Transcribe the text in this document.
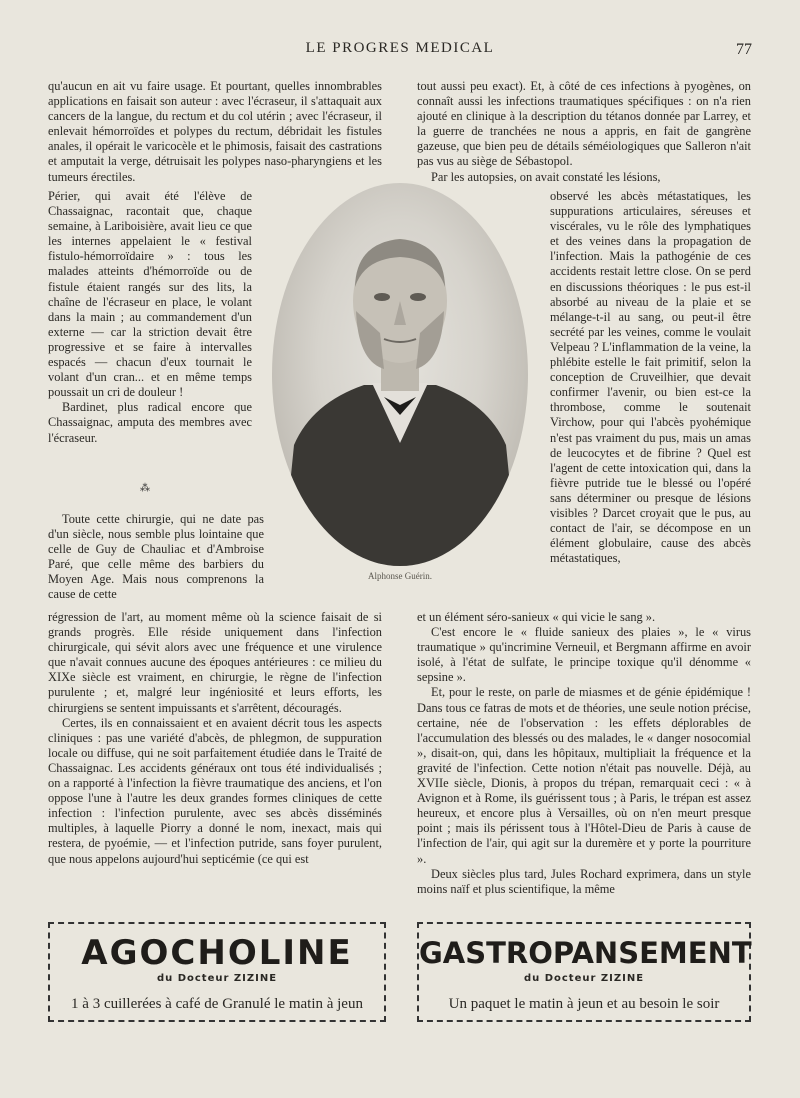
LE PROGRES MEDICAL	77

qu'aucun en ait vu faire usage. Et pourtant, quelles innombrables applications en faisait son auteur : avec l'écraseur, il s'attaquait aux cancers de la langue, du rectum et du col utérin ; avec l'écraseur, il enlevait hémorroïdes et polypes du rectum, débridait les fistules anales, il opérait le varicocèle et le phimosis, faisait des castrations et amputait la verge, détruisait les polypes naso-pharyngiens et les tumeurs érectiles.

Périer, qui avait été l'élève de Chassaignac, racontait que, chaque semaine, à Lariboisière, avait lieu ce que les internes appelaient le « festival fistulo-hémorroïdaire » : tous les malades atteints d'hémorroïde ou de fistule étaient rangés sur des lits, la chaîne de l'écraseur en place, le volant dans la main ; au commandement d'un externe — car la striction devait être progressive et se faire à intervalles espacés — chacun d'eux tournait le volant d'un cran... et en même temps poussait un cri de douleur !

Bardinet, plus radical encore que Chassaignac, amputa des membres avec l'écraseur.

⁂

Toute cette chirurgie, qui ne date pas d'un siècle, nous semble plus lointaine que celle de Guy de Chauliac et d'Ambroise Paré, que celle même des barbiers du Moyen Age. Mais nous comprenons la cause de cette

régression de l'art, au moment même où la science faisait de si grands progrès. Elle réside uniquement dans l'infection chirurgicale, qui sévit alors avec une fréquence et une virulence que n'avait connues aucune des époques antérieures : ce milieu du XIXe siècle est vraiment, en chirurgie, le règne de l'infection purulente ; et, malgré leur ingéniosité et leurs efforts, les chirurgiens se sentent impuissants et s'arrêtent, découragés.

Certes, ils en connaissaient et en avaient décrit tous les aspects cliniques : pas une variété d'abcès, de phlegmon, de suppuration locale ou diffuse, qui ne soit parfaitement étudiée dans le Traité de Chassaignac. Les accidents généraux ont tous été individualisés ; on a rapporté à l'infection la fièvre traumatique des anciens, et l'on oppose l'une à l'autre les deux grandes formes cliniques de cette infection : l'infection purulente, avec ses abcès disséminés multiples, à laquelle Piorry a donné le nom, inexact, mais qui restera, de pyoémie, — et l'infection putride, sans foyer purulent, que nous appelons aujourd'hui septicémie (ce qui est

tout aussi peu exact). Et, à côté de ces infections à pyogènes, on connaît aussi les infections traumatiques spécifiques : on n'a rien ajouté en clinique à la description du tétanos donnée par Larrey, et la guerre de tranchées ne nous a appris, en fait de gangrène gazeuse, que bien peu de détails séméiologiques que Salleron n'ait pas vus au siège de Sébastopol.

Par les autopsies, on avait constaté les lésions,

observé les abcès métastatiques, les suppurations articulaires, séreuses et viscérales, vu le rôle des lymphatiques et des veines dans la propagation de l'infection. Mais la pathogénie de ces accidents restait lettre close. On se perd en discussions théoriques : le pus est-il absorbé au niveau de la plaie et se mélange-t-il au sang, ou peut-il être secrété par les veines, comme le voulait Velpeau ? L'inflammation de la veine, la phlébite estelle le fait primitif, selon la conception de Cruveilhier, que devait confirmer l'avenir, ou bien est-ce la thrombose, comme le soutenait Virchow, pour qui l'abcès pyohémique n'est pas vraiment du pus, mais un amas de leucocytes et de fibrine ? Quel est l'agent de cette intoxication qui, dans la fièvre putride tue le blessé ou l'opéré sans déterminer ou presque de lésions visibles ? Darcet croyait que le pus, au contact de l'air, se décompose en un élément globulaire, cause des abcès métastatiques,

et un élément séro-sanieux « qui vicie le sang ».

C'est encore le « fluide sanieux des plaies », le « virus traumatique » qu'incrimine Verneuil, et Bergmann affirme en avoir isolé, à l'état de sulfate, le principe toxique qu'il dénomme « sepsine ».

Et, pour le reste, on parle de miasmes et de génie épidémique ! Dans tous ce fatras de mots et de théories, une seule notion précise, certaine, née de l'observation : les effets déplorables de l'accumulation des blessés ou des malades, le « danger nosocomial », disait-on, qui, dans les hôpitaux, multipliait la fréquence et la gravité de l'infection. Cette notion n'était pas nouvelle. Déjà, au XVIIe siècle, Dionis, à propos du trépan, remarquait ceci : « à Avignon et à Rome, ils guérissent tous ; à Paris, le trépan est assez heureux, et encore plus à Versailles, où on n'en meurt presque point ; mais ils périssent tous à l'Hôtel-Dieu de Paris à cause de l'infection de l'air, qui agit sur la duremère et y porte la pourriture ».

Deux siècles plus tard, Jules Rochard exprimera, dans un style moins naïf et plus scientifique, la même

Alphonse Guérin.
AGOCHOLINE
du Docteur ZIZINE
1 à 3 cuillerées à café de Granulé le matin à jeun
GASTROPANSEMENT
du Docteur ZIZINE
Un paquet le matin à jeun et au besoin le soir
